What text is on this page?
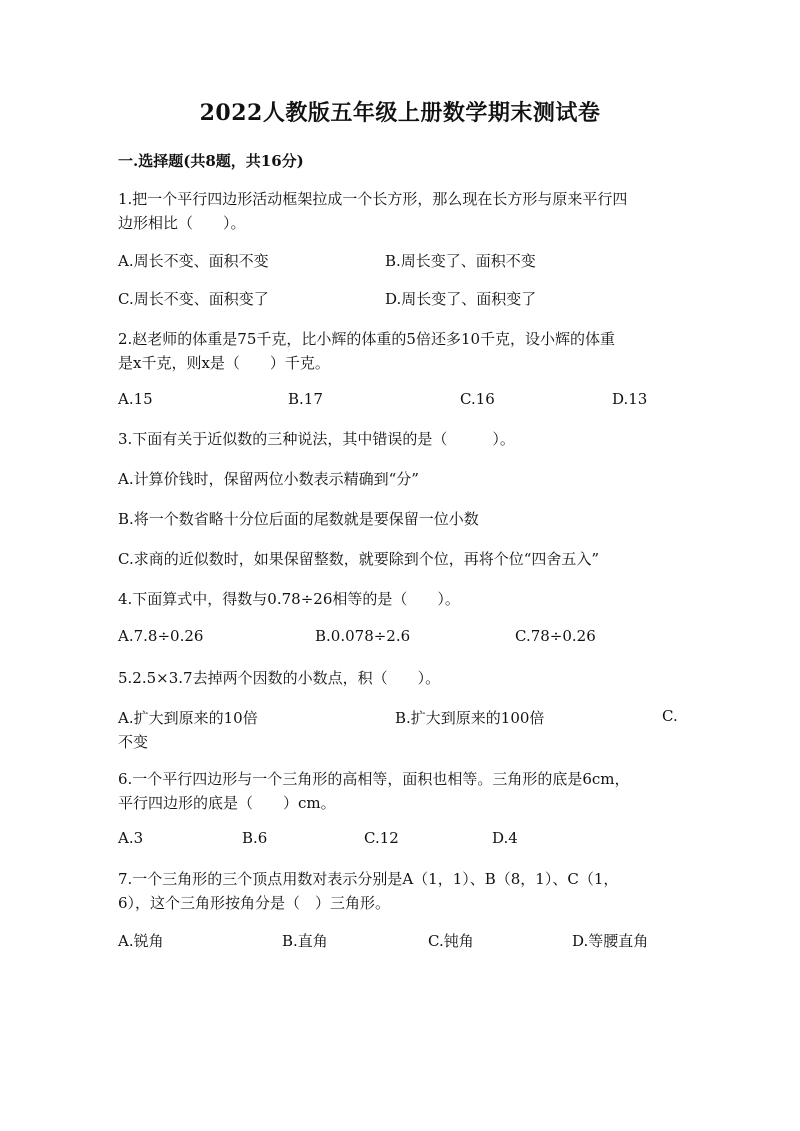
2022人教版五年级上册数学期末测试卷
一.选择题(共8题，共16分)
1.把一个平行四边形活动框架拉成一个长方形，那么现在长方形与原来平行四
边形相比（　　）。
A.周长不变、面积不变	B.周长变了、面积不变
C.周长不变、面积变了	D.周长变了、面积变了
2.赵老师的体重是75千克，比小辉的体重的5倍还多10千克，设小辉的体重
是x千克，则x是（　　）千克。
A.15	B.17	C.16	D.13
3.下面有关于近似数的三种说法，其中错误的是（　　　）。
A.计算价钱时，保留两位小数表示精确到“分”
B.将一个数省略十分位后面的尾数就是要保留一位小数
C.求商的近似数时，如果保留整数，就要除到个位，再将个位“四舍五入”
4.下面算式中，得数与0.78÷26相等的是（　　）。
A.7.8÷0.26	B.0.078÷2.6	C.78÷0.26
5.2.5×3.7去掉两个因数的小数点，积（　　）。
A.扩大到原来的10倍	B.扩大到原来的100倍	C.
不变
6.一个平行四边形与一个三角形的高相等，面积也相等。三角形的底是6cm，
平行四边形的底是（　　）cm。
A.3	B.6	C.12	D.4
7.一个三角形的三个顶点用数对表示分别是A（1，1）、B（8，1）、C（1，
6），这个三角形按角分是（　）三角形。
A.锐角	B.直角	C.钝角	D.等腰直角
